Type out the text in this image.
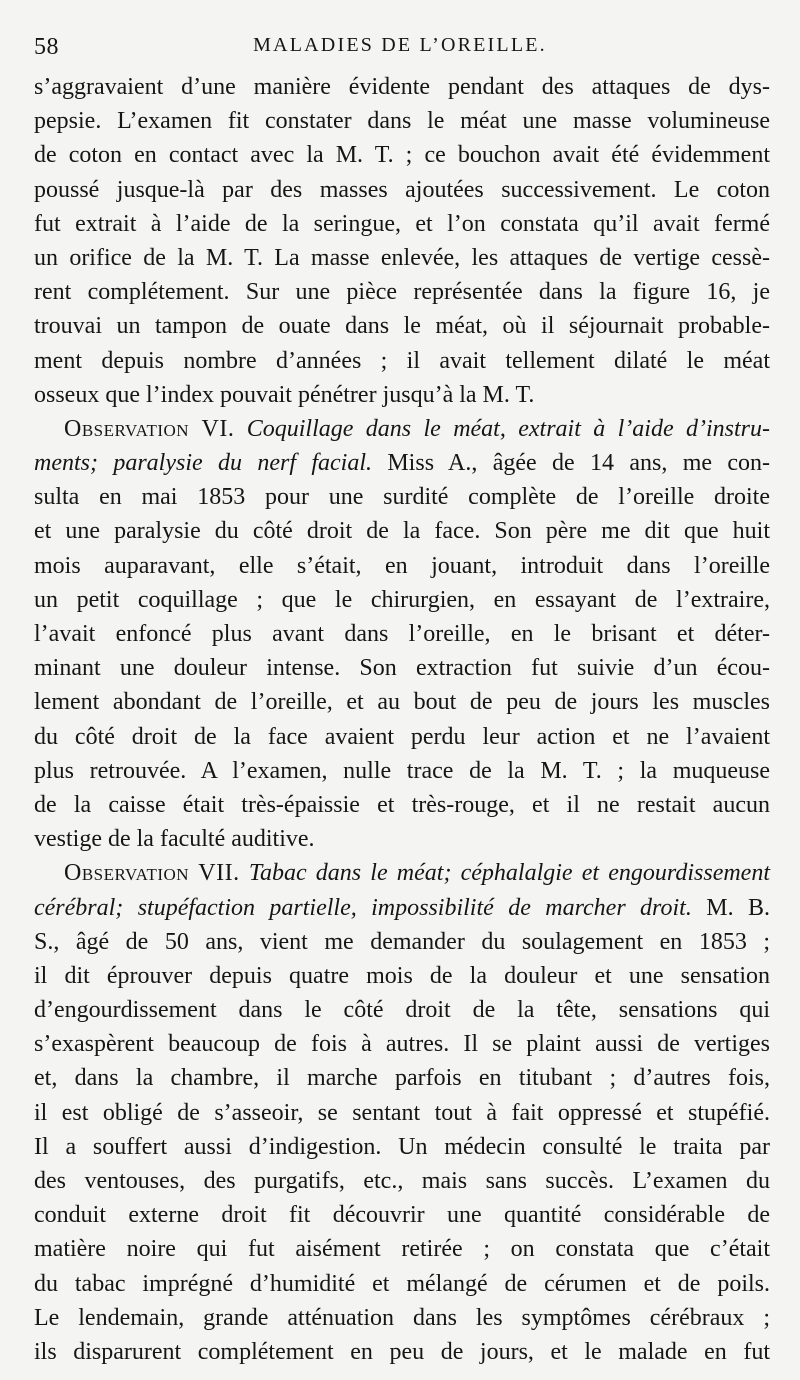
58	MALADIES DE L’OREILLE.
s’aggravaient d’une manière évidente pendant des attaques de dys-
pepsie. L’examen fit constater dans le méat une masse volumineuse
de coton en contact avec la M. T. ; ce bouchon avait été évidemment
poussé jusque-là par des masses ajoutées successivement. Le coton
fut extrait à l’aide de la seringue, et l’on constata qu’il avait fermé
un orifice de la M. T. La masse enlevée, les attaques de vertige cessè-
rent complétement. Sur une pièce représentée dans la figure 16, je
trouvai un tampon de ouate dans le méat, où il séjournait probable-
ment depuis nombre d’années ; il avait tellement dilaté le méat
osseux que l’index pouvait pénétrer jusqu’à la M. T.
Observation VI. Coquillage dans le méat, extrait à l’aide d’instru-
ments; paralysie du nerf facial. Miss A., âgée de 14 ans, me con-
sulta en mai 1853 pour une surdité complète de l’oreille droite
et une paralysie du côté droit de la face. Son père me dit que huit
mois auparavant, elle s’était, en jouant, introduit dans l’oreille
un petit coquillage ; que le chirurgien, en essayant de l’extraire,
l’avait enfoncé plus avant dans l’oreille, en le brisant et déter-
minant une douleur intense. Son extraction fut suivie d’un écou-
lement abondant de l’oreille, et au bout de peu de jours les muscles
du côté droit de la face avaient perdu leur action et ne l’avaient
plus retrouvée. A l’examen, nulle trace de la M. T. ; la muqueuse
de la caisse était très-épaissie et très-rouge, et il ne restait aucun
vestige de la faculté auditive.
Observation VII. Tabac dans le méat; céphalalgie et engourdissement
cérébral; stupéfaction partielle, impossibilité de marcher droit. M. B.
S., âgé de 50 ans, vient me demander du soulagement en 1853 ;
il dit éprouver depuis quatre mois de la douleur et une sensation
d’engourdissement dans le côté droit de la tête, sensations qui
s’exaspèrent beaucoup de fois à autres. Il se plaint aussi de vertiges
et, dans la chambre, il marche parfois en titubant ; d’autres fois,
il est obligé de s’asseoir, se sentant tout à fait oppressé et stupéfié.
Il a souffert aussi d’indigestion. Un médecin consulté le traita par
des ventouses, des purgatifs, etc., mais sans succès. L’examen du
conduit externe droit fit découvrir une quantité considérable de
matière noire qui fut aisément retirée ; on constata que c’était
du tabac imprégné d’humidité et mélangé de cérumen et de poils.
Le lendemain, grande atténuation dans les symptômes cérébraux ;
ils disparurent complétement en peu de jours, et le malade en fut
